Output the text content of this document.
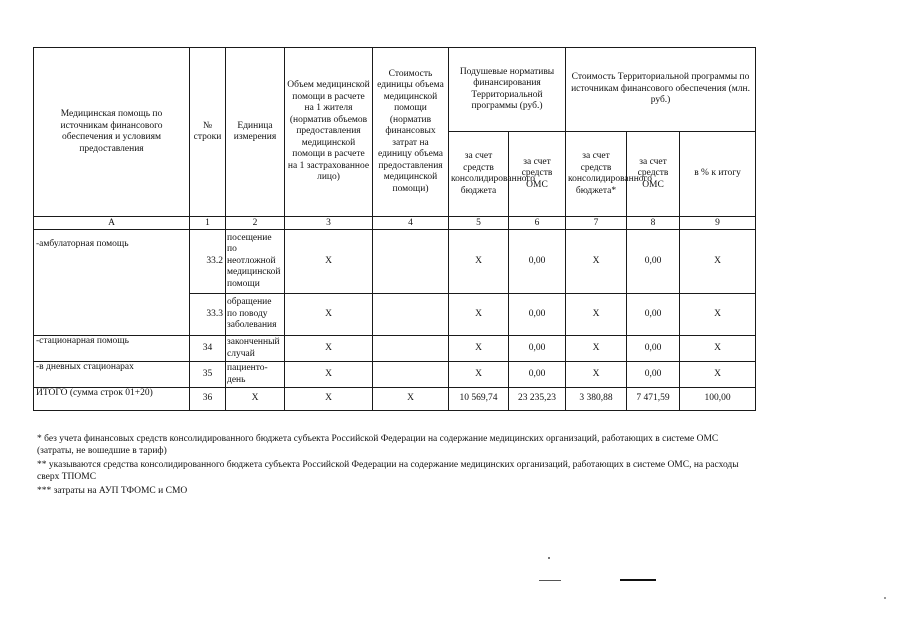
Медицинская помощь по источникам финансового обеспечения и условиям предоставления	№ строки	Единица измерения	Объем медицинской помощи в расчете на 1 жителя (норматив объемов предоставления медицинской помощи в расчете на 1 застрахованное лицо)	Стоимость единицы объема медицинской помощи (норматив финансовых затрат на единицу объема предоставления медицинской помощи)	Подушевые нормативы финансирования Территориальной программы (руб.)		Стоимость Территориальной программы по источникам финансового обеспечения (млн. руб.)		
					за счет средств консолидированного бюджета	за счет средств ОМС	за счет средств консолидированного бюджета*	за счет средств ОМС	в % к итогу
А	1	2	3	4	5	6	7	8	9
-амбулаторная помощь	33.2	посещение по неотложной медицинской помощи	Х		Х	0,00	Х	0,00	Х
	33.3	обращение по поводу заболевания	Х		Х	0,00	Х	0,00	Х
-стационарная помощь	34	законченный случай	Х		Х	0,00	Х	0,00	Х
-в дневных стационарах	35	пациенто-день	Х		Х	0,00	Х	0,00	Х
ИТОГО (сумма строк 01+20)	36	Х	Х	Х	10 569,74	23 235,23	3 380,88	7 471,59	100,00

* без учета финансовых средств консолидированного бюджета субъекта Российской Федерации на содержание медицинских организаций, работающих в системе ОМС (затраты, не вошедшие в тариф)

** указываются средства консолидированного бюджета субъекта Российской Федерации на содержание медицинских организаций, работающих в системе ОМС, на расходы сверх ТПОМС

*** затраты на АУП ТФОМС и СМО
